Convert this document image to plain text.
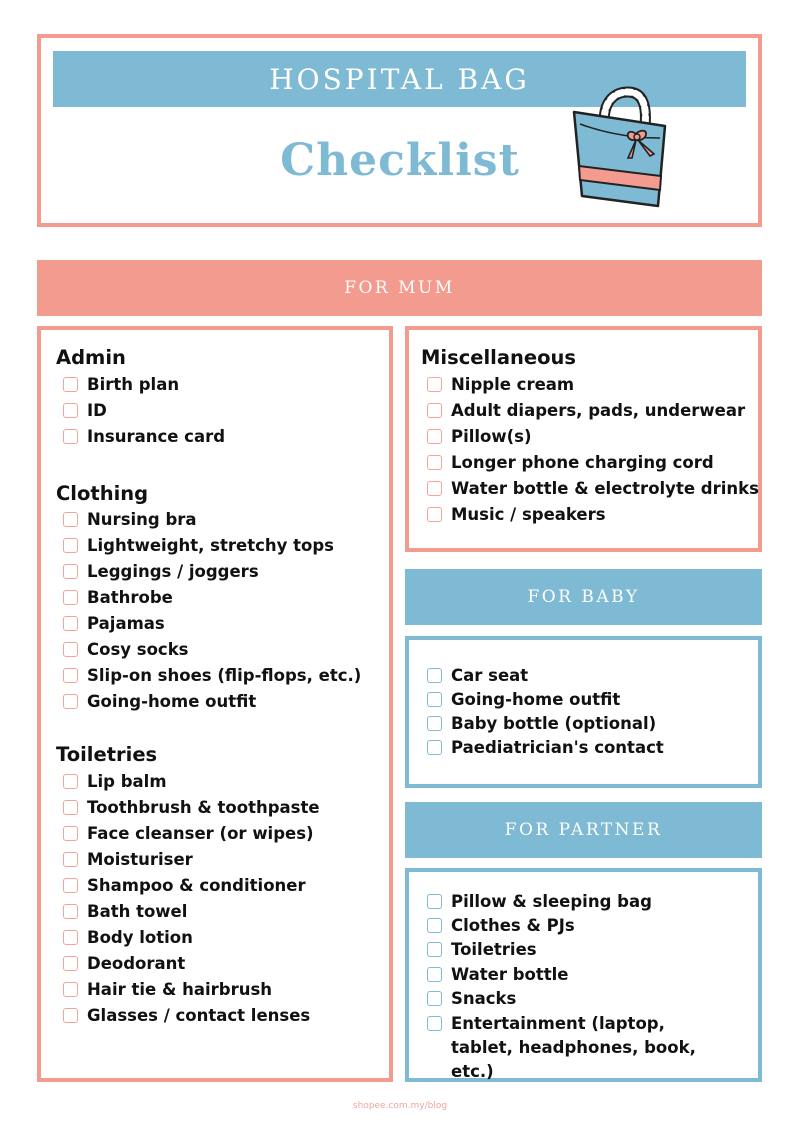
HOSPITAL BAG
Checklist
FOR MUM
Admin
Birth plan
ID
Insurance card
Clothing
Nursing bra
Lightweight, stretchy tops
Leggings / joggers
Bathrobe
Pajamas
Cosy socks
Slip-on shoes (flip-flops, etc.)
Going-home outfit
Toiletries
Lip balm
Toothbrush & toothpaste
Face cleanser (or wipes)
Moisturiser
Shampoo & conditioner
Bath towel
Body lotion
Deodorant
Hair tie & hairbrush
Glasses / contact lenses
Miscellaneous
Nipple cream
Adult diapers, pads, underwear
Pillow(s)
Longer phone charging cord
Water bottle & electrolyte drinks
Music / speakers
FOR BABY
Car seat
Going-home outfit
Baby bottle (optional)
Paediatrician's contact
FOR PARTNER
Pillow & sleeping bag
Clothes & PJs
Toiletries
Water bottle
Snacks
Entertainment (laptop, tablet, headphones, book, etc.)
shopee.com.my/blog
